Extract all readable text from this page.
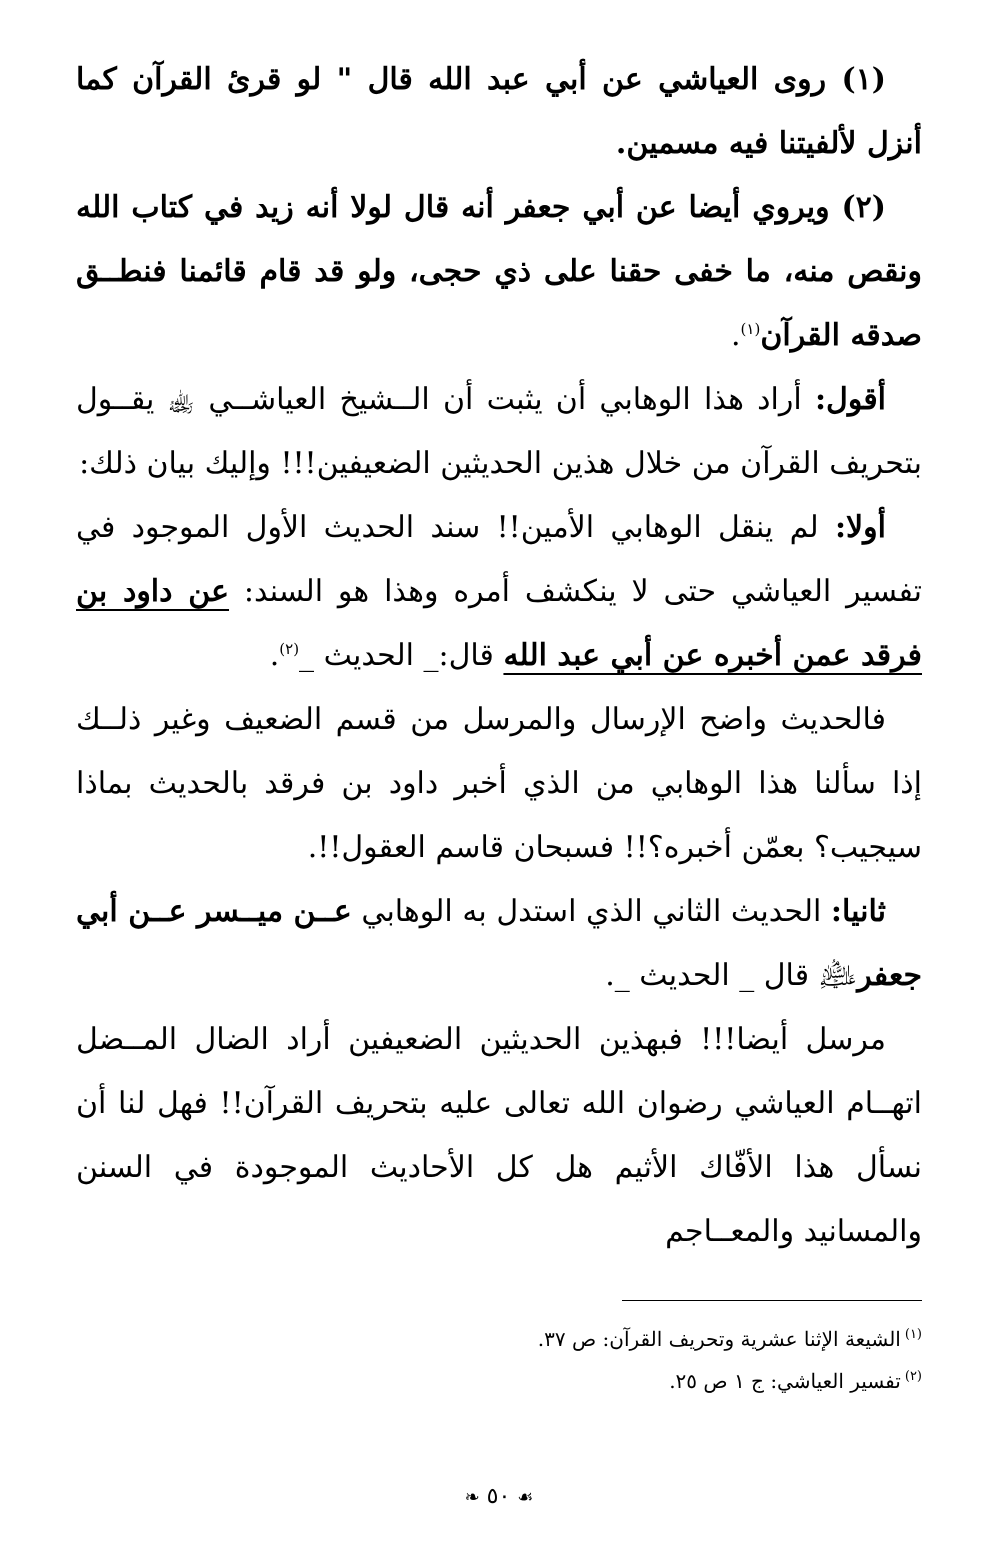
(١) روى العياشي عن أبي عبد الله قال " لو قرئ القرآن كما أنزل لألفيتنا فيه مسمين.

(٢) ويروي أيضا عن أبي جعفر أنه قال لولا أنه زيد في كتاب الله ونقص منه، ما خفى حقنا على ذي حجى، ولو قد قام قائمنا فنطــق صدقه القرآن$^{(١)}$.

أقول: أراد هذا الوهابي أن يثبت أن الــشيخ العياشــي ﵀ يقــول بتحريف القرآن من خلال هذين الحديثين الضعيفين!!! وإليك بيان ذلك:

أولا: لم ينقل الوهابي الأمين!! سند الحديث الأول الموجود في تفسير العياشي حتى لا ينكشف أمره وهذا هو السند: عن داود بن فرقد عمن أخبره عن أبي عبد الله قال:_ الحديث _$^{(٢)}$.

فالحديث واضح الإرسال والمرسل من قسم الضعيف وغير ذلــك إذا سألنا هذا الوهابي من الذي أخبر داود بن فرقد بالحديث بماذا سيجيب؟ بعمّن أخبره؟!! فسبحان قاسم العقول!!.

ثانيا: الحديث الثاني الذي استدل به الوهابي عــن ميــسر عــن أبي جعفر﵇ قال _ الحديث _.

مرسل أيضا!!! فبهذين الحديثين الضعيفين أراد الضال المــضل اتهــام العياشي رضوان الله تعالى عليه بتحريف القرآن!! فهل لنا أن نسأل هذا الأفّاك الأثيم هل كل الأحاديث الموجودة في السنن والمسانيد والمعــاجم

$^{(١)}$الشيعة الإثنا عشرية وتحريف القرآن: ص ٣٧.

$^{(٢)}$تفسير العياشي: ج ١ ص ٢٥.

❧ ٥٠ ☙
